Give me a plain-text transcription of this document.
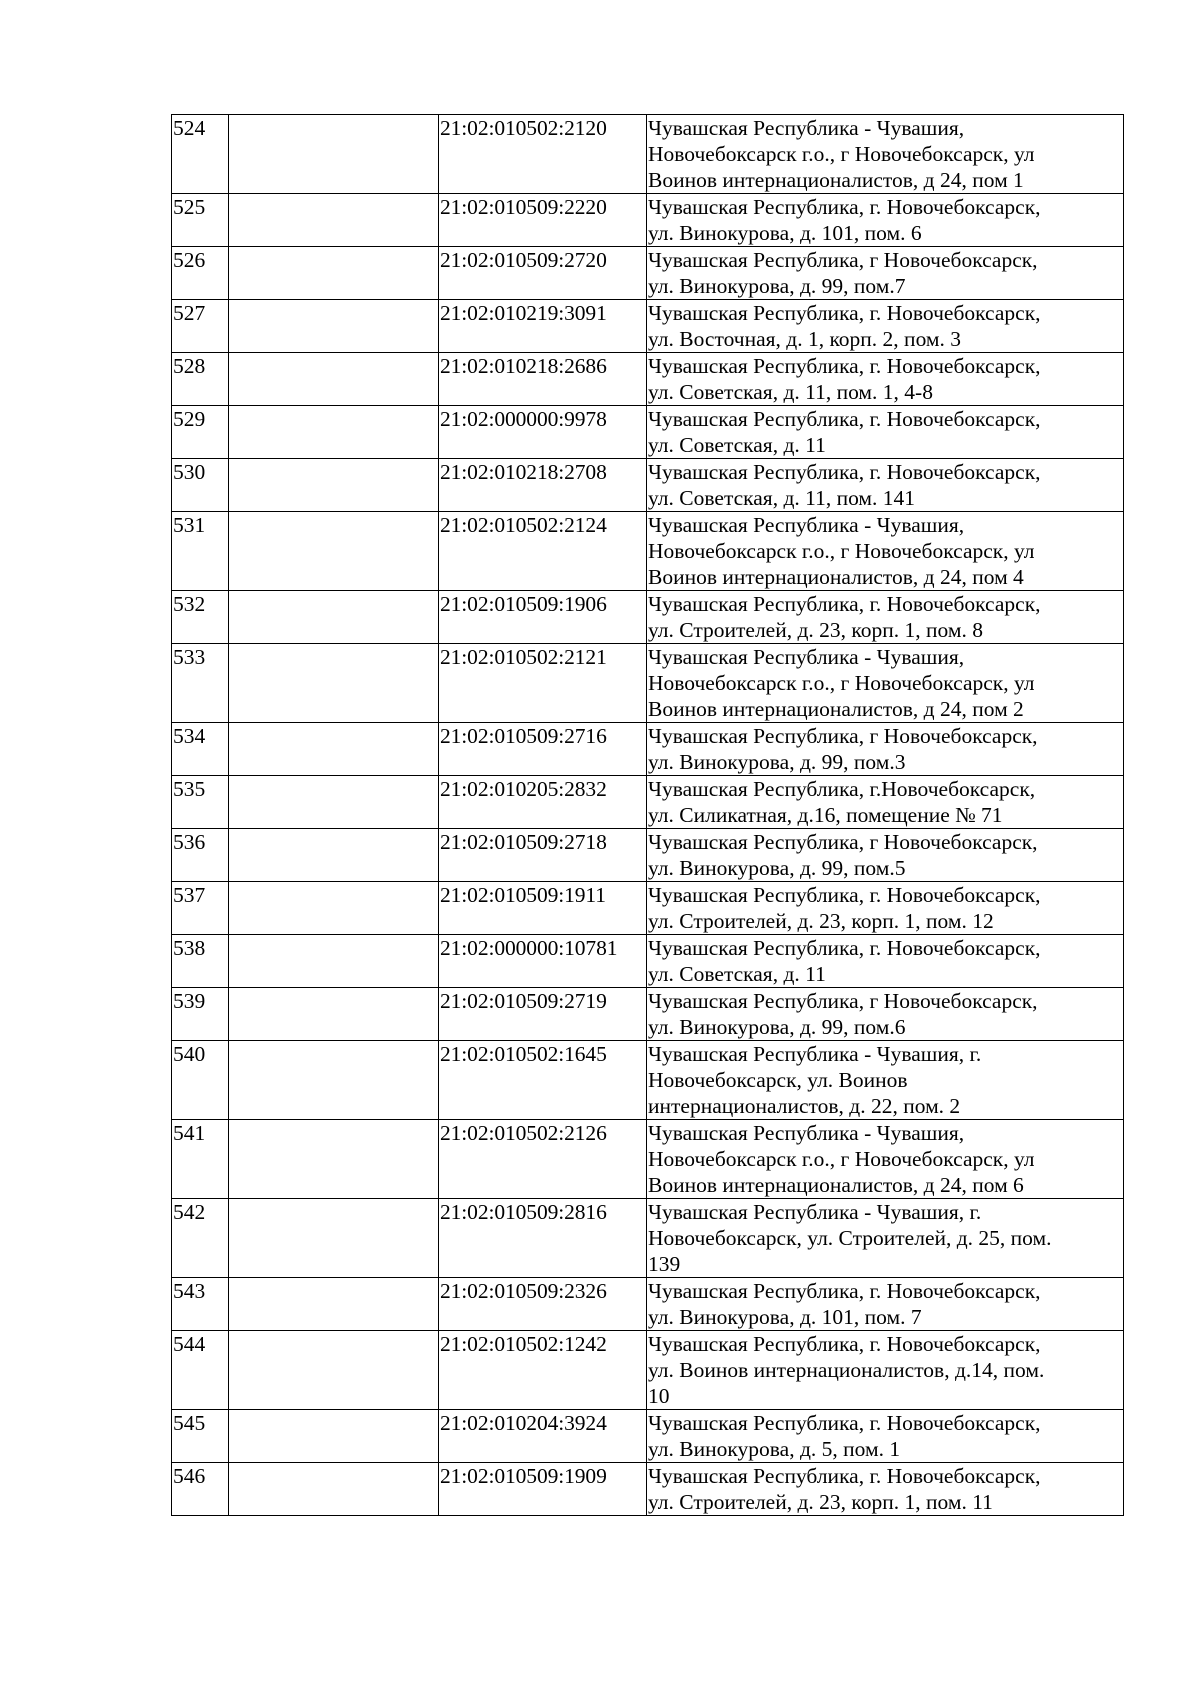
524		21:02:010502:2120	Чувашская Республика - Чувашия,
Новочебоксарск г.о., г Новочебоксарск, ул
Воинов интернационалистов, д 24, пом 1

525		21:02:010509:2220	Чувашская Республика, г. Новочебоксарск,
ул. Винокурова, д. 101, пом. 6

526		21:02:010509:2720	Чувашская Республика, г Новочебоксарск,
ул. Винокурова, д. 99, пом.7

527		21:02:010219:3091	Чувашская Республика, г. Новочебоксарск,
ул. Восточная, д. 1, корп. 2, пом. 3

528		21:02:010218:2686	Чувашская Республика, г. Новочебоксарск,
ул. Советская, д. 11, пом. 1, 4-8

529		21:02:000000:9978	Чувашская Республика, г. Новочебоксарск,
ул. Советская, д. 11

530		21:02:010218:2708	Чувашская Республика, г. Новочебоксарск,
ул. Советская, д. 11, пом. 141

531		21:02:010502:2124	Чувашская Республика - Чувашия,
Новочебоксарск г.о., г Новочебоксарск, ул
Воинов интернационалистов, д 24, пом 4

532		21:02:010509:1906	Чувашская Республика, г. Новочебоксарск,
ул. Строителей, д. 23, корп. 1, пом. 8

533		21:02:010502:2121	Чувашская Республика - Чувашия,
Новочебоксарск г.о., г Новочебоксарск, ул
Воинов интернационалистов, д 24, пом 2

534		21:02:010509:2716	Чувашская Республика, г Новочебоксарск,
ул. Винокурова, д. 99, пом.3

535		21:02:010205:2832	Чувашская Республика, г.Новочебоксарск,
ул. Силикатная, д.16, помещение № 71

536		21:02:010509:2718	Чувашская Республика, г Новочебоксарск,
ул. Винокурова, д. 99, пом.5

537		21:02:010509:1911	Чувашская Республика, г. Новочебоксарск,
ул. Строителей, д. 23, корп. 1, пом. 12

538		21:02:000000:10781	Чувашская Республика, г. Новочебоксарск,
ул. Советская, д. 11

539		21:02:010509:2719	Чувашская Республика, г Новочебоксарск,
ул. Винокурова, д. 99, пом.6

540		21:02:010502:1645	Чувашская Республика - Чувашия, г.
Новочебоксарск, ул. Воинов
интернационалистов, д. 22, пом. 2

541		21:02:010502:2126	Чувашская Республика - Чувашия,
Новочебоксарск г.о., г Новочебоксарск, ул
Воинов интернационалистов, д 24, пом 6

542		21:02:010509:2816	Чувашская Республика - Чувашия, г.
Новочебоксарск, ул. Строителей, д. 25, пом.
139

543		21:02:010509:2326	Чувашская Республика, г. Новочебоксарск,
ул. Винокурова, д. 101, пом. 7

544		21:02:010502:1242	Чувашская Республика, г. Новочебоксарск,
ул. Воинов интернационалистов, д.14, пом.
10

545		21:02:010204:3924	Чувашская Республика, г. Новочебоксарск,
ул. Винокурова, д. 5, пом. 1

546		21:02:010509:1909	Чувашская Республика, г. Новочебоксарск,
ул. Строителей, д. 23, корп. 1, пом. 11
